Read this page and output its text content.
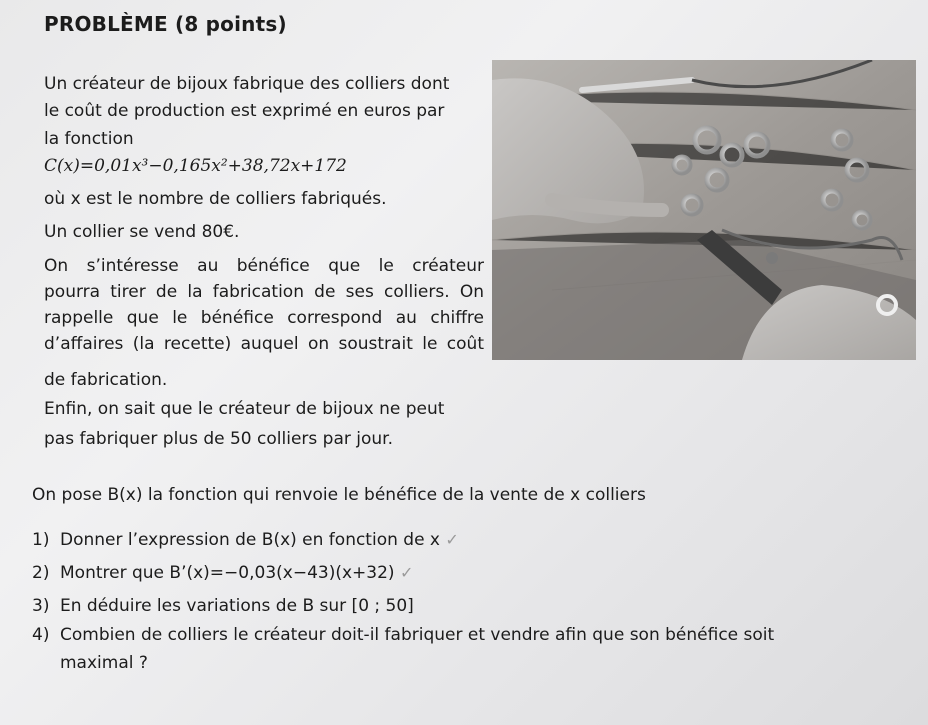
PROBLÈME (8 points)
Un créateur de bijoux fabrique des colliers dont
le coût de production est exprimé en euros par
la fonction
C(x)=0,01x³−0,165x²+38,72x+172
où x est le nombre de colliers fabriqués.
Un collier se vend 80€.
On s’intéresse au bénéfice que le créateur
pourra tirer de la fabrication de ses colliers. On
rappelle que le bénéfice correspond au chiffre
d’affaires (la recette) auquel on soustrait le coût
de fabrication.
Enfin, on sait que le créateur de bijoux ne peut
pas fabriquer plus de 50 colliers par jour.
On pose B(x) la fonction qui renvoie le bénéfice de la vente de x colliers
1) Donner l’expression de B(x) en fonction de x ✓
2) Montrer que B’(x)=−0,03(x−43)(x+32) ✓
3) En déduire les variations de B sur [0 ; 50]
4) Combien de colliers le créateur doit-il fabriquer et vendre afin que son bénéfice soit
maximal ?
